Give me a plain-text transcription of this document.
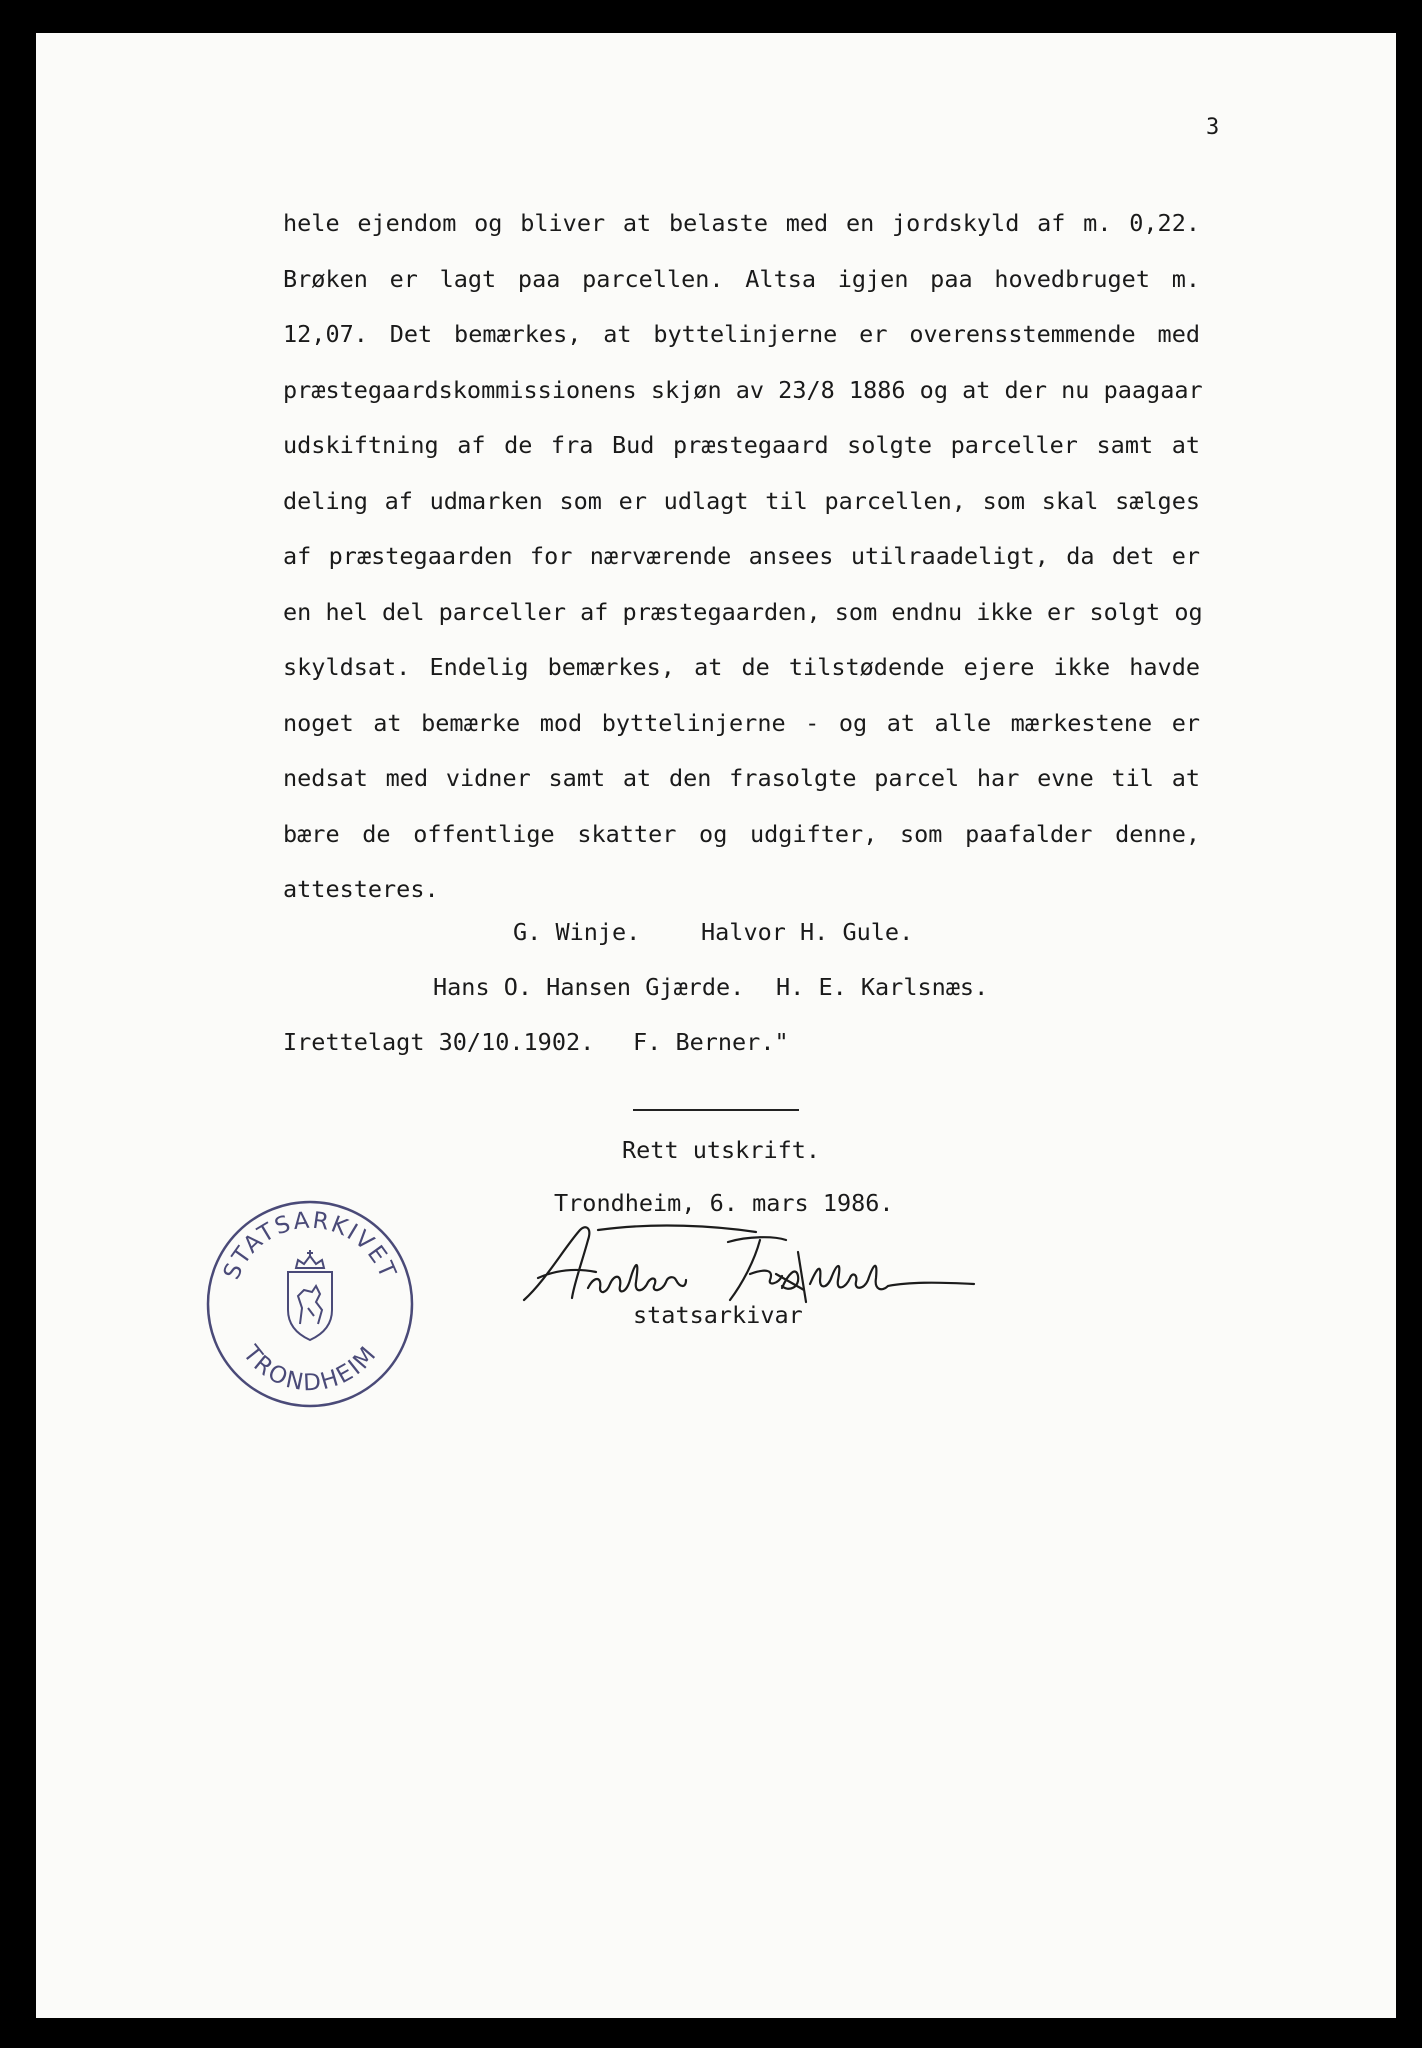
3
hele ejendom og bliver at belaste med en jordskyld af m. 0,22.
Brøken er lagt paa parcellen. Altsa igjen paa hovedbruget m.
12,07. Det bemærkes, at byttelinjerne er overensstemmende med
præstegaardskommissionens skjøn av 23/8 1886 og at der nu paagaar
udskiftning af de fra Bud præstegaard solgte parceller samt at
deling af udmarken som er udlagt til parcellen, som skal sælges
af præstegaarden for nærværende ansees utilraadeligt, da det er
en hel del parceller af præstegaarden, som endnu ikke er solgt og
skyldsat. Endelig bemærkes, at de tilstødende ejere ikke havde
noget at bemærke mod byttelinjerne - og at alle mærkestene er
nedsat med vidner samt at den frasolgte parcel har evne til at
bære de offentlige skatter og udgifter, som paafalder denne,
attesteres.
G. Winje.	Halvor H. Gule.
Hans O. Hansen Gjærde. H. E. Karlsnæs.
Irettelagt 30/10.1902. F. Berner."
Rett utskrift.
Trondheim, 6. mars 1986.
STATSARKIVET
TRONDHEIM
statsarkivar
